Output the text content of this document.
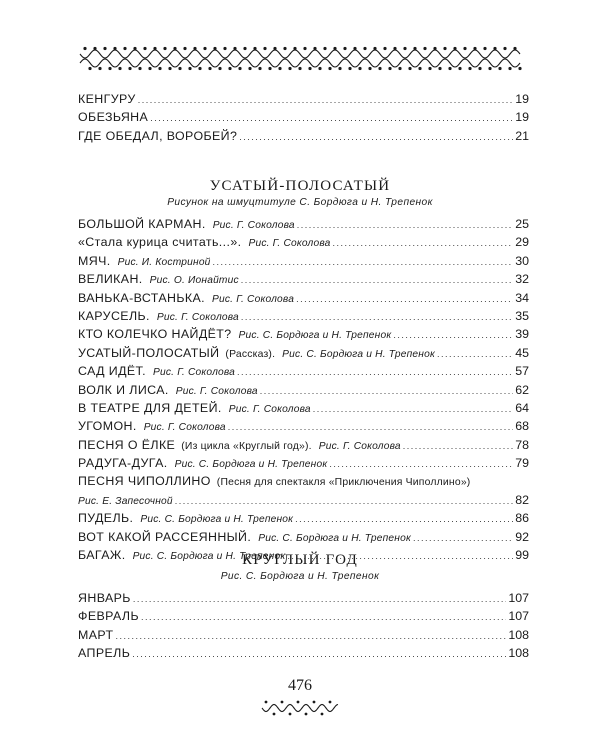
КЕНГУРУ .....	19
ОБЕЗЬЯНА .....	19
ГДЕ ОБЕДАЛ, ВОРОБЕЙ? .....	21
УСАТЫЙ-ПОЛОСАТЫЙ
Рисунок на шмуцтитуле С. Бордюга и Н. Трепенок
БОЛЬШОЙ КАРМАН. Рис. Г. Соколова .....	25
«Стала курица считать...». Рис. Г. Соколова .....	29
МЯЧ. Рис. И. Костриной .....	30
ВЕЛИКАН. Рис. О. Ионайтис .....	32
ВАНЬКА-ВСТАНЬКА. Рис. Г. Соколова .....	34
КАРУСЕЛЬ. Рис. Г. Соколова .....	35
КТО КОЛЕЧКО НАЙДЁТ? Рис. С. Бордюга и Н. Трепенок .....	39
УСАТЫЙ-ПОЛОСАТЫЙ (Рассказ). Рис. С. Бордюга и Н. Трепенок .....	45
САД ИДЁТ. Рис. Г. Соколова .....	57
ВОЛК И ЛИСА. Рис. Г. Соколова .....	62
В ТЕАТРЕ ДЛЯ ДЕТЕЙ. Рис. Г. Соколова .....	64
УГОМОН. Рис. Г. Соколова .....	68
ПЕСНЯ О ЁЛКЕ (Из цикла «Круглый год»). Рис. Г. Соколова .....	78
РАДУГА-ДУГА. Рис. С. Бордюга и Н. Трепенок .....	79
ПЕСНЯ ЧИПОЛЛИНО (Песня для спектакля «Приключения Чиполлино»)
Рис. Е. Запесочной .....	82
ПУДЕЛЬ. Рис. С. Бордюга и Н. Трепенок .....	86
ВОТ КАКОЙ РАССЕЯННЫЙ. Рис. С. Бордюга и Н. Трепенок .....	92
БАГАЖ. Рис. С. Бордюга и Н. Трепенок .....	99
КРУГЛЫЙ ГОД
Рис. С. Бордюга и Н. Трепенок
ЯНВАРЬ .....	107
ФЕВРАЛЬ .....	107
МАРТ .....	108
АПРЕЛЬ .....	108
476
